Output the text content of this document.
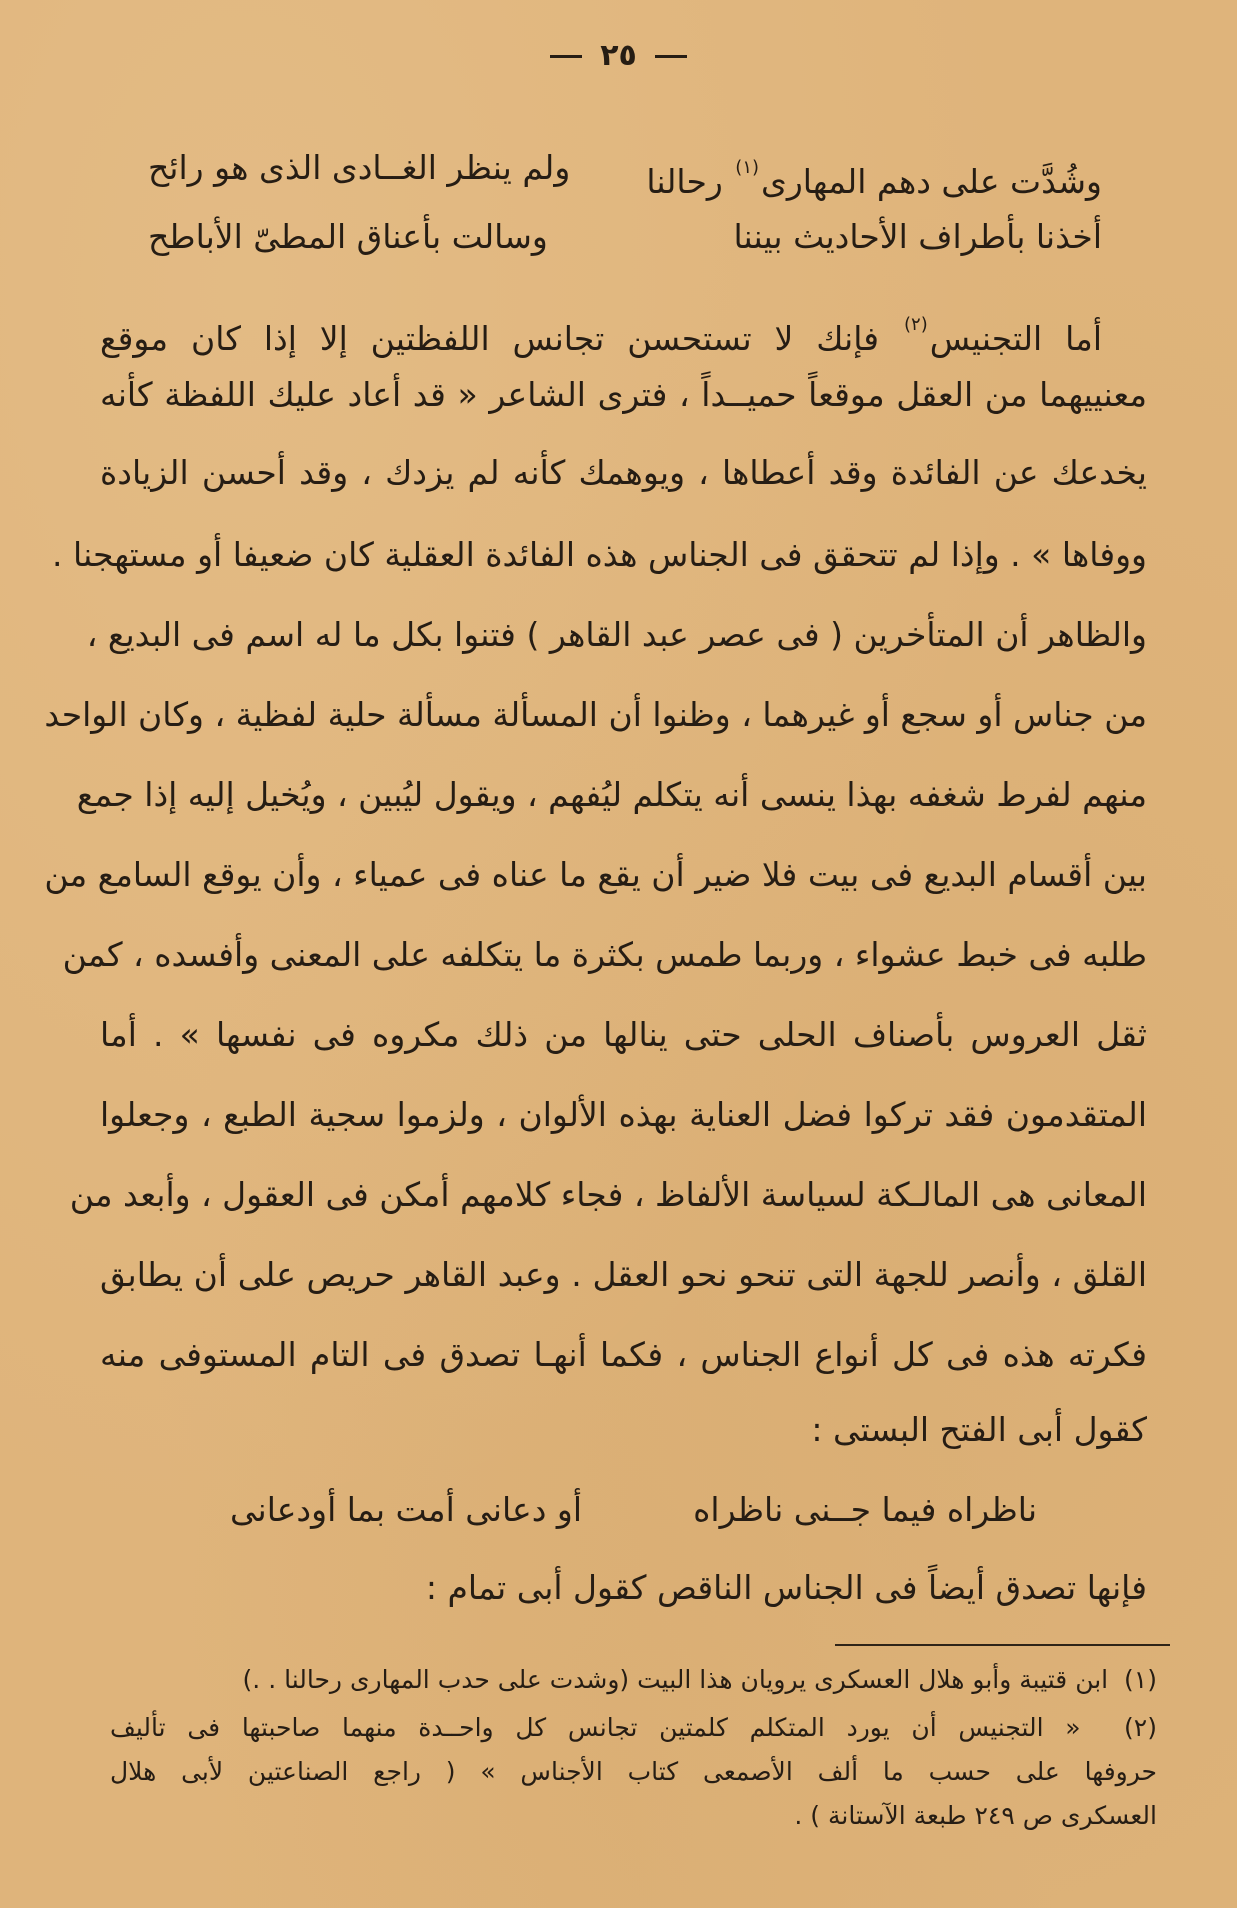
٢٥
وشُدَّت على دهم المهارى$^{(١)}$ رحالنا
ولم ينظر الغــادى الذى هو رائح
أخذنا بأطراف الأحاديث بيننا
وسالت بأعناق المطىّ الأباطح
أما التجنيس$^{(٢)}$ فإنك لا تستحسن تجانس اللفظتين إلا إذا كان موقع
معنييهما من العقل موقعاً حميــداً ، فترى الشاعر « قد أعاد عليك اللفظة كأنه
يخدعك عن الفائدة وقد أعطاها ، ويوهمك كأنه لم يزدك ، وقد أحسن الزيادة
ووفاها » . وإذا لم تتحقق فى الجناس هذه الفائدة العقلية كان ضعيفا أو مستهجنا .
والظاهر أن المتأخرين ( فى عصر عبد القاهر ) فتنوا بكل ما له اسم فى البديع ،
من جناس أو سجع أو غيرهما ، وظنوا أن المسألة مسألة حلية لفظية ، وكان الواحد
منهم لفرط شغفه بهذا ينسى أنه يتكلم ليُفهم ، ويقول ليُبين ، ويُخيل إليه إذا جمع
بين أقسام البديع فى بيت فلا ضير أن يقع ما عناه فى عمياء ، وأن يوقع السامع من
طلبه فى خبط عشواء ، وربما طمس بكثرة ما يتكلفه على المعنى وأفسده ، كمن
ثقل العروس بأصناف الحلى حتى ينالها من ذلك مكروه فى نفسها » . أما
المتقدمون فقد تركوا فضل العناية بهذه الألوان ، ولزموا سجية الطبع ، وجعلوا
المعانى هى المالـكة لسياسة الألفاظ ، فجاء كلامهم أمكن فى العقول ، وأبعد من
القلق ، وأنصر للجهة التى تنحو نحو العقل . وعبد القاهر حريص على أن يطابق
فكرته هذه فى كل أنواع الجناس ، فكما أنهـا تصدق فى التام المستوفى منه
كقول أبى الفتح البستى :
ناظراه فيما جــنى ناظراه
أو دعانى أمت بما أودعانى
فإنها تصدق أيضاً فى الجناس الناقص كقول أبى تمام :
(١)  ابن قتيبة وأبو هلال العسكرى يرويان هذا البيت (وشدت على حدب المهارى رحالنا . .)
(٢)  « التجنيس أن يورد المتكلم كلمتين تجانس كل واحــدة منهما صاحبتها فى تأليف
حروفها على حسب ما ألف الأصمعى كتاب الأجناس » ( راجع الصناعتين لأبى هلال
العسكرى ص ٢٤٩ طبعة الآستانة ) .
